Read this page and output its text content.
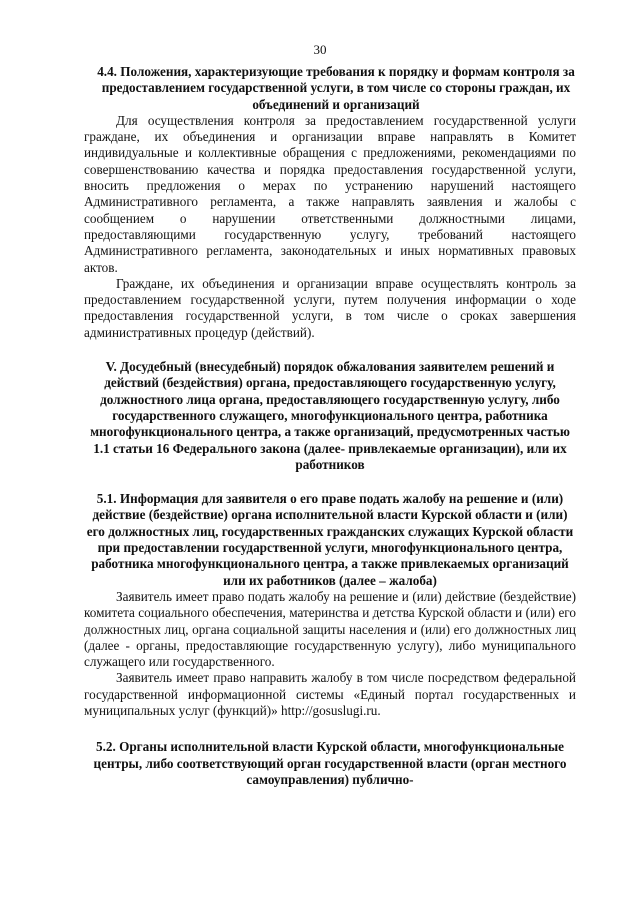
30
4.4. Положения, характеризующие требования к порядку и формам контроля за предоставлением государственной услуги, в том числе со стороны граждан, их объединений и организаций

Для осуществления контроля за предоставлением государственной услуги граждане, их объединения и организации вправе направлять в Комитет индивидуальные и коллективные обращения с предложениями, рекомендациями по совершенствованию качества и порядка предоставления государственной услуги, вносить предложения о мерах по устранению нарушений настоящего Административного регламента, а также направлять заявления и жалобы с сообщением о нарушении ответственными должностными лицами, предоставляющими государственную услугу, требований настоящего Административного регламента, законодательных и иных нормативных правовых актов.

Граждане, их объединения и организации вправе осуществлять контроль за предоставлением государственной услуги, путем получения информации о ходе предоставления государственной услуги, в том числе о сроках завершения административных процедур (действий).

V. Досудебный (внесудебный) порядок обжалования заявителем решений и действий (бездействия) органа, предоставляющего государственную услугу, должностного лица органа, предоставляющего государственную услугу, либо государственного служащего, многофункционального центра, работника многофункционального центра, а также организаций, предусмотренных частью 1.1 статьи 16 Федерального закона (далее- привлекаемые организации), или их работников
5.1. Информация для заявителя о его праве подать жалобу на решение и (или) действие (бездействие) органа исполнительной власти Курской области и (или) его должностных лиц, государственных гражданских служащих Курской области при предоставлении государственной услуги, многофункционального центра, работника многофункционального центра, а также привлекаемых организаций или их работников (далее – жалоба)

Заявитель имеет право подать жалобу на решение и (или) действие (бездействие) комитета социального обеспечения, материнства и детства Курской области и (или) его должностных лиц, органа социальной защиты населения и (или) его должностных лиц (далее - органы, предоставляющие государственную услугу), либо муниципального служащего или государственного.

Заявитель имеет право направить жалобу в том числе посредством федеральной государственной информационной системы «Единый портал государственных и муниципальных услуг (функций)» http://gosuslugi.ru.

5.2. Органы исполнительной власти Курской области, многофункциональные центры, либо соответствующий орган государственной власти (орган местного самоуправления) публично-
